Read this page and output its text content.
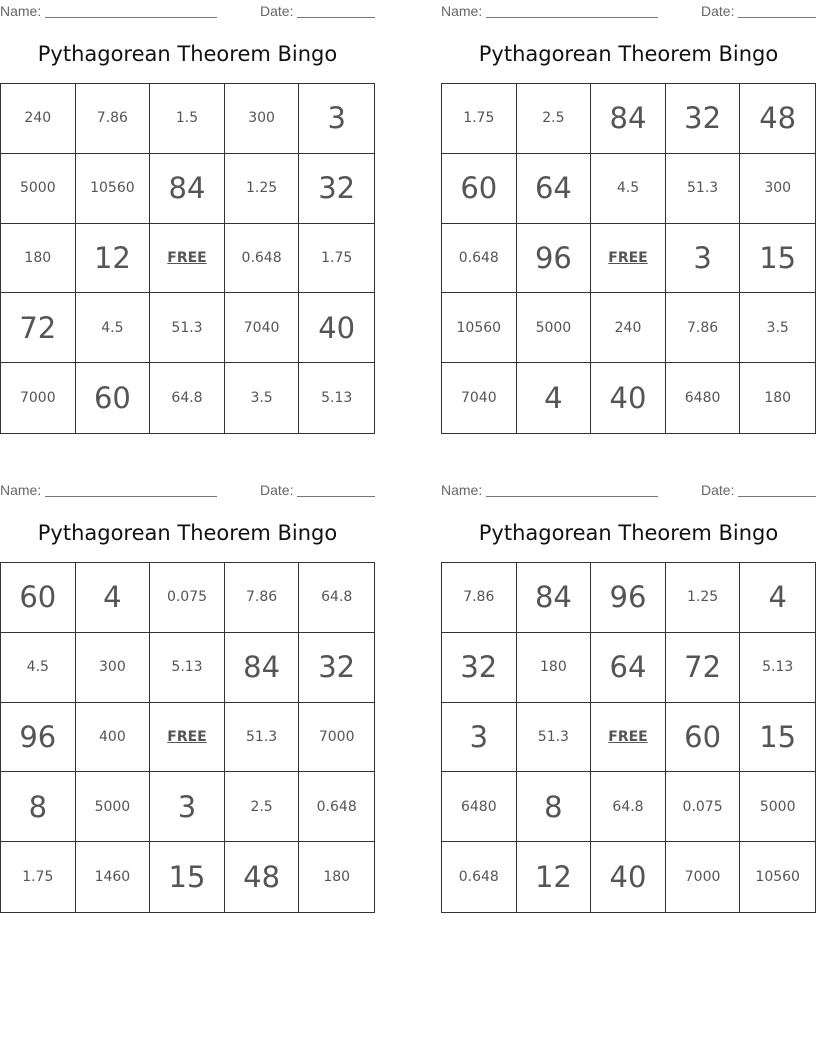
Name:	Date:
Pythagorean Theorem Bingo
240	7.86	1.5	300	3
5000	10560	84	1.25	32
180	12	FREE	0.648	1.75
72	4.5	51.3	7040	40
7000	60	64.8	3.5	5.13
Name:	Date:
Pythagorean Theorem Bingo
1.75	2.5	84	32	48
60	64	4.5	51.3	300
0.648	96	FREE	3	15
10560	5000	240	7.86	3.5
7040	4	40	6480	180
Name:	Date:
Pythagorean Theorem Bingo
60	4	0.075	7.86	64.8
4.5	300	5.13	84	32
96	400	FREE	51.3	7000
8	5000	3	2.5	0.648
1.75	1460	15	48	180
Name:	Date:
Pythagorean Theorem Bingo
7.86	84	96	1.25	4
32	180	64	72	5.13
3	51.3	FREE	60	15
6480	8	64.8	0.075	5000
0.648	12	40	7000	10560
